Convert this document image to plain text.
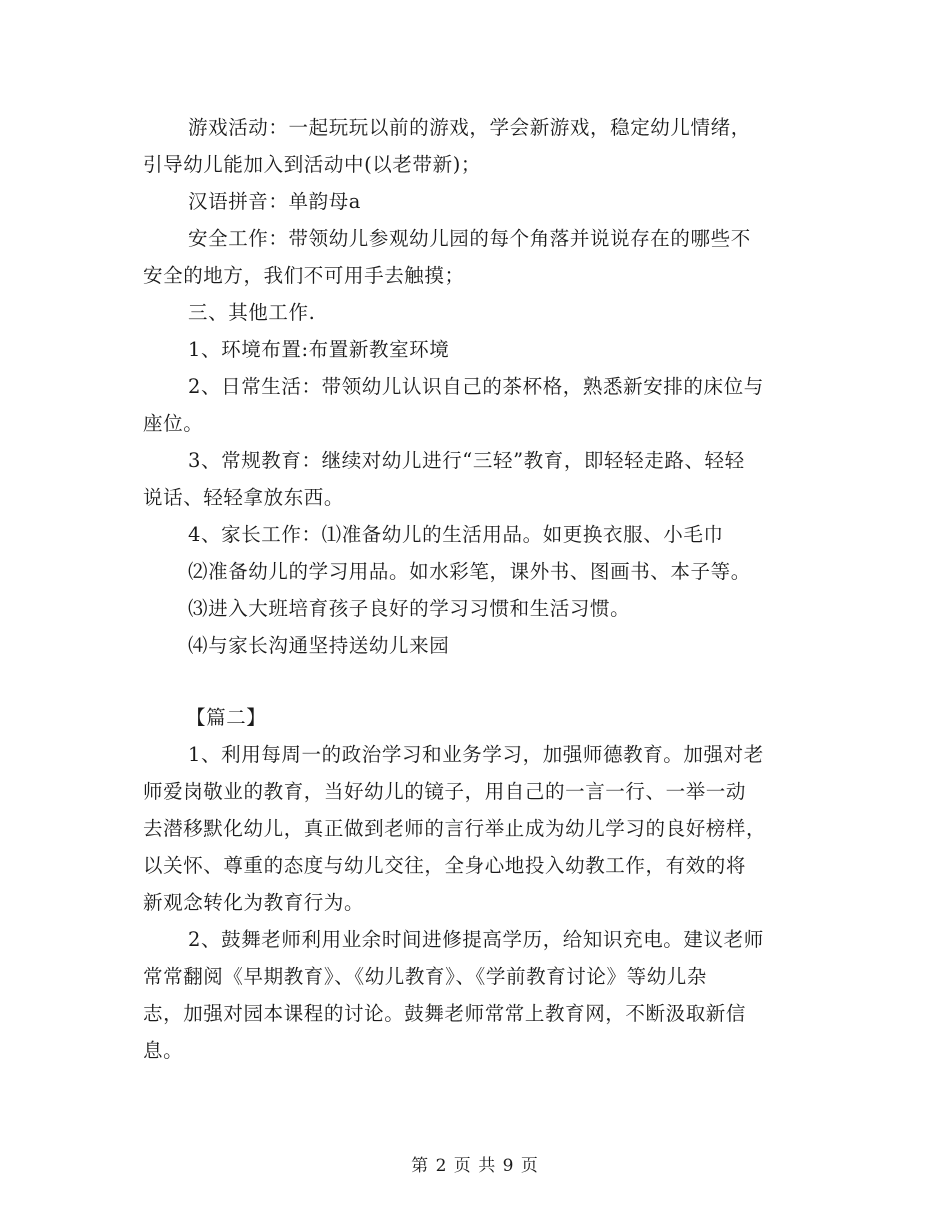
游戏活动：一起玩玩以前的游戏，学会新游戏，稳定幼儿情绪，
引导幼儿能加入到活动中(以老带新)；
汉语拼音：单韵母a
安全工作：带领幼儿参观幼儿园的每个角落并说说存在的哪些不
安全的地方，我们不可用手去触摸；
三、其他工作.
1、环境布置:布置新教室环境
2、日常生活：带领幼儿认识自己的茶杯格，熟悉新安排的床位与
座位。
3、常规教育：继续对幼儿进行“三轻”教育，即轻轻走路、轻轻
说话、轻轻拿放东西。
4、家长工作：⑴准备幼儿的生活用品。如更换衣服、小毛巾
⑵准备幼儿的学习用品。如水彩笔，课外书、图画书、本子等。
⑶进入大班培育孩子良好的学习习惯和生活习惯。
⑷与家长沟通坚持送幼儿来园
【篇二】
1、利用每周一的政治学习和业务学习，加强师德教育。加强对老
师爱岗敬业的教育，当好幼儿的镜子，用自己的一言一行、一举一动
去潜移默化幼儿，真正做到老师的言行举止成为幼儿学习的良好榜样，
以关怀、尊重的态度与幼儿交往，全身心地投入幼教工作，有效的将
新观念转化为教育行为。
2、鼓舞老师利用业余时间进修提高学历，给知识充电。建议老师
常常翻阅《早期教育》、《幼儿教育》、《学前教育讨论》等幼儿杂
志，加强对园本课程的讨论。鼓舞老师常常上教育网，不断汲取新信
息。
第 2 页 共 9 页
